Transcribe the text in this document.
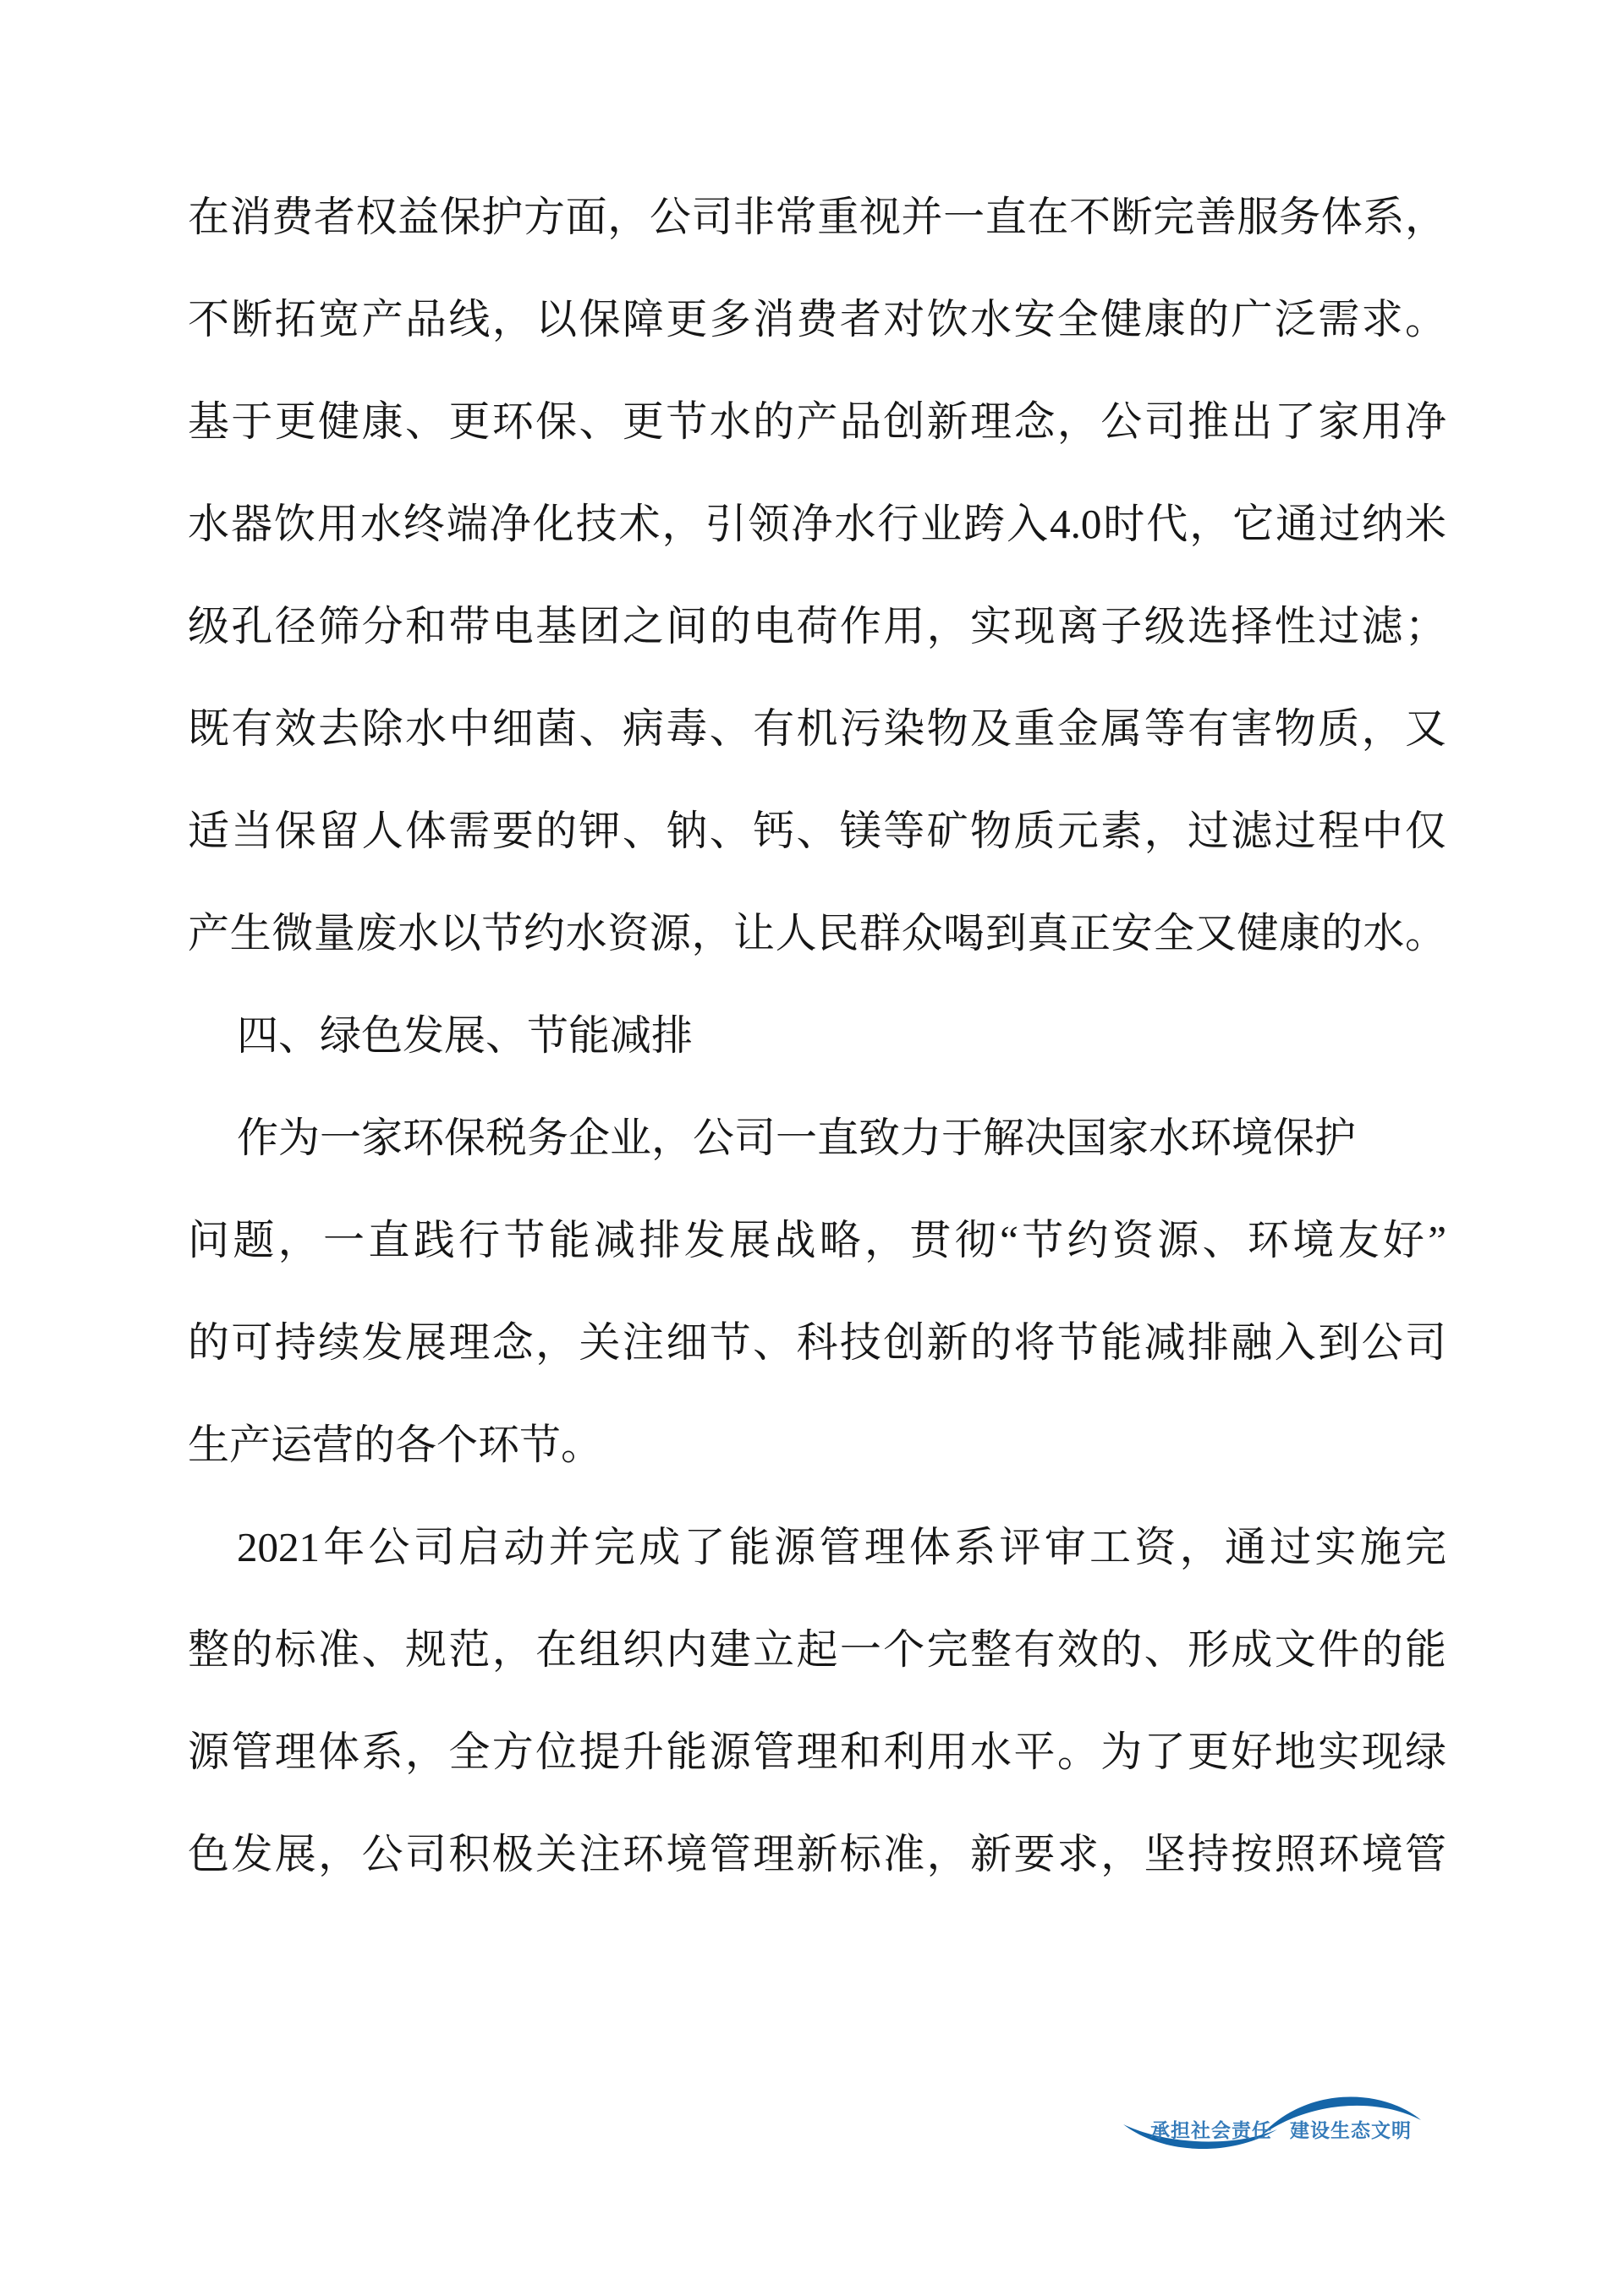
在消费者权益保护方面，公司非常重视并一直在不断完善服务体系，
不断拓宽产品线，以保障更多消费者对饮水安全健康的广泛需求。
基于更健康、更环保、更节水的产品创新理念，公司推出了家用净
水器饮用水终端净化技术，引领净水行业跨入4.0时代，它通过纳米
级孔径筛分和带电基团之间的电荷作用，实现离子级选择性过滤；
既有效去除水中细菌、病毒、有机污染物及重金属等有害物质，又
适当保留人体需要的钾、钠、钙、镁等矿物质元素，过滤过程中仅
产生微量废水以节约水资源，让人民群众喝到真正安全又健康的水。
四、绿色发展、节能减排
作为一家环保税务企业，公司一直致力于解决国家水环境保护
问题，一直践行节能减排发展战略，贯彻“节约资源、环境友好”
的可持续发展理念，关注细节、科技创新的将节能减排融入到公司
生产运营的各个环节。
2021年公司启动并完成了能源管理体系评审工资，通过实施完
整的标准、规范，在组织内建立起一个完整有效的、形成文件的能
源管理体系，全方位提升能源管理和利用水平。为了更好地实现绿
色发展，公司积极关注环境管理新标准，新要求，坚持按照环境管
承担社会责任 建设生态文明
